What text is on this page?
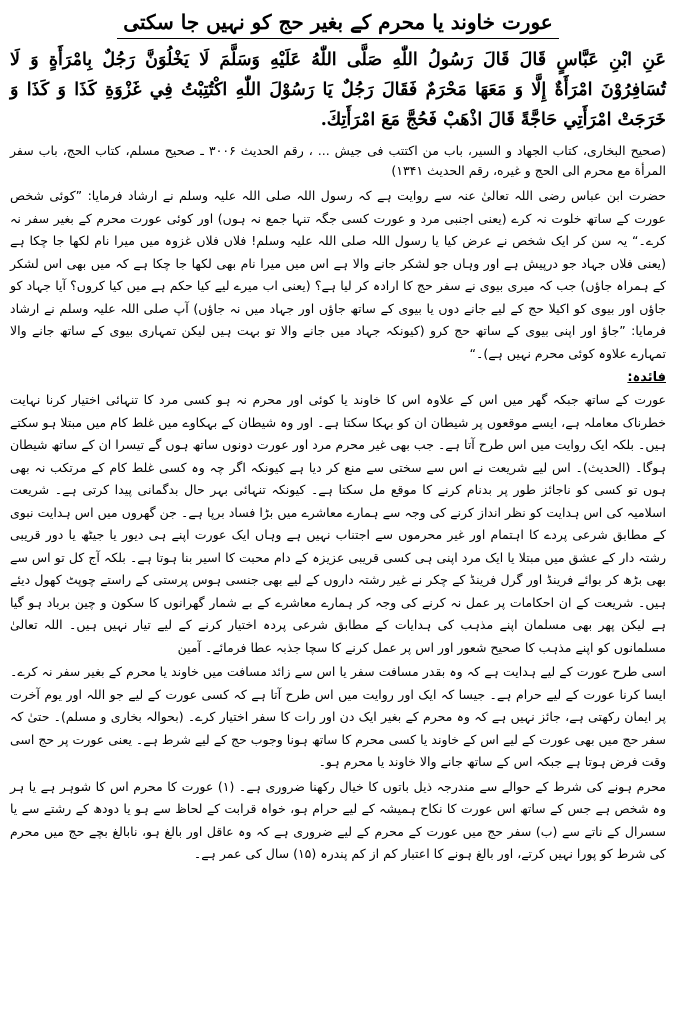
عورت خاوند یا محرم کے بغیر حج کو نہیں جا سکتی

عَنِ ابْنِ عَبَّاسٍ قَالَ قَالَ رَسُولُ اللّٰهِ صَلَّى اللّٰهُ عَلَيْهِ وَسَلَّمَ لَا يَخْلُوَنَّ رَجُلٌ بِامْرَأَةٍ وَ لَا تُسَافِرُوْنَ امْرَأَةٌ إِلَّا وَ مَعَهَا مَحْرَمٌ فَقَالَ رَجُلٌ يَا رَسُوْلَ اللّٰهِ اكْتُتِبْتُ فِي غَزْوَةِ كَذَا وَ كَذَا وَ خَرَجَتْ امْرَأَتِي حَاجَّةً قَالَ اذْهَبْ فَحُجَّ مَعَ امْرَأَتِكَ.

(صحیح البخاری، کتاب الجهاد و السیر، باب من اکتتب فی جیش ... ، رقم الحدیث ۳۰۰۶ ـ صحیح مسلم، کتاب الحج، باب سفر المرأة مع محرم الی الحج و غیره، رقم الحدیث ۱۳۴۱)

حضرت ابن عباس رضی اللہ تعالیٰ عنہ سے روایت ہے کہ رسول اللہ صلی اللہ علیہ وسلم نے ارشاد فرمایا: ”کوئی شخص عورت کے ساتھ خلوت نہ کرے (یعنی اجنبی مرد و عورت کسی جگہ تنہا جمع نہ ہوں) اور کوئی عورت محرم کے بغیر سفر نہ کرے۔“ یہ سن کر ایک شخص نے عرض کیا یا رسول اللہ صلی اللہ علیہ وسلم! فلاں فلاں غزوہ میں میرا نام لکھا جا چکا ہے (یعنی فلاں جہاد جو درپیش ہے اور وہاں جو لشکر جانے والا ہے اس میں میرا نام بھی لکھا جا چکا ہے کہ میں بھی اس لشکر کے ہمراہ جاؤں) جب کہ میری بیوی نے سفر حج کا ارادہ کر لیا ہے؟ (یعنی اب میرے لیے کیا حکم ہے میں کیا کروں؟ آیا جہاد کو جاؤں اور بیوی کو اکیلا حج کے لیے جانے دوں یا بیوی کے ساتھ جاؤں اور جہاد میں نہ جاؤں) آپ صلی اللہ علیہ وسلم نے ارشاد فرمایا: ”جاؤ اور اپنی بیوی کے ساتھ حج کرو (کیونکہ جہاد میں جانے والا تو بہت ہیں لیکن تمہاری بیوی کے ساتھ جانے والا تمہارے علاوہ کوئی محرم نہیں ہے)۔“

فائدہ:

عورت کے ساتھ جبکہ گھر میں اس کے علاوہ اس کا خاوند یا کوئی اور محرم نہ ہو کسی مرد کا تنہائی اختیار کرنا نہایت خطرناک معاملہ ہے، ایسے موقعوں پر شیطان ان کو بہکا سکتا ہے۔ اور وہ شیطان کے بہکاوے میں غلط کام میں مبتلا ہو سکتے ہیں۔ بلکہ ایک روایت میں اس طرح آتا ہے۔ جب بھی غیر محرم مرد اور عورت دونوں ساتھ ہوں گے تیسرا ان کے ساتھ شیطان ہوگا۔ (الحدیث)۔ اس لیے شریعت نے اس سے سختی سے منع کر دیا ہے کیونکہ اگر چہ وہ کسی غلط کام کے مرتکب نہ بھی ہوں تو کسی کو ناجائز طور پر بدنام کرنے کا موقع مل سکتا ہے۔ کیونکہ تنہائی بہر حال بدگمانی پیدا کرتی ہے۔ شریعت اسلامیہ کی اس ہدایت کو نظر انداز کرنے کی وجہ سے ہمارے معاشرے میں بڑا فساد برپا ہے۔ جن گھروں میں اس ہدایت نبوی کے مطابق شرعی پردے کا اہتمام اور غیر محرموں سے اجتناب نہیں ہے وہاں ایک عورت اپنے ہی دیور یا جیٹھ یا دور قریبی رشتہ دار کے عشق میں مبتلا یا ایک مرد اپنی ہی کسی قریبی عزیزہ کے دام محبت کا اسیر بنا ہوتا ہے۔ بلکہ آج کل تو اس سے بھی بڑھ کر بوائے فرینڈ اور گرل فرینڈ کے چکر نے غیر رشتہ داروں کے لیے بھی جنسی ہوس پرستی کے راستے چوپٹ کھول دیئے ہیں۔ شریعت کے ان احکامات پر عمل نہ کرنے کی وجہ کر ہمارے معاشرے کے بے شمار گھرانوں کا سکون و چین برباد ہو گیا ہے لیکن پھر بھی مسلمان اپنے مذہب کی ہدایات کے مطابق شرعی پردہ اختیار کرنے کے لیے تیار نہیں ہیں۔ اللہ تعالیٰ مسلمانوں کو اپنے مذہب کا صحیح شعور اور اس پر عمل کرنے کا سچا جذبہ عطا فرمائے۔ آمین

اسی طرح عورت کے لیے ہدایت ہے کہ وہ بقدر مسافت سفر یا اس سے زائد مسافت میں خاوند یا محرم کے بغیر سفر نہ کرے۔ ایسا کرنا عورت کے لیے حرام ہے۔ جیسا کہ ایک اور روایت میں اس طرح آتا ہے کہ کسی عورت کے لیے جو اللہ اور یوم آخرت پر ایمان رکھتی ہے، جائز نہیں ہے کہ وہ محرم کے بغیر ایک دن اور رات کا سفر اختیار کرے۔ (بحوالہ بخاری و مسلم)۔ حتیٰ کہ سفر حج میں بھی عورت کے لیے اس کے خاوند یا کسی محرم کا ساتھ ہونا وجوب حج کے لیے شرط ہے۔ یعنی عورت پر حج اسی وقت فرض ہوتا ہے جبکہ اس کے ساتھ جانے والا خاوند یا محرم ہو۔

محرم ہونے کی شرط کے حوالے سے مندرجہ ذیل باتوں کا خیال رکھنا ضروری ہے۔ (۱) عورت کا محرم اس کا شوہر ہے یا ہر وہ شخص ہے جس کے ساتھ اس عورت کا نکاح ہمیشہ کے لیے حرام ہو، خواہ قرابت کے لحاظ سے ہو یا دودھ کے رشتے سے یا سسرال کے ناتے سے (ب) سفر حج میں عورت کے محرم کے لیے ضروری ہے کہ وہ عاقل اور بالغ ہو، نابالغ بچے حج میں محرم کی شرط کو پورا نہیں کرتے، اور بالغ ہونے کا اعتبار کم از کم پندرہ (۱۵) سال کی عمر ہے۔
